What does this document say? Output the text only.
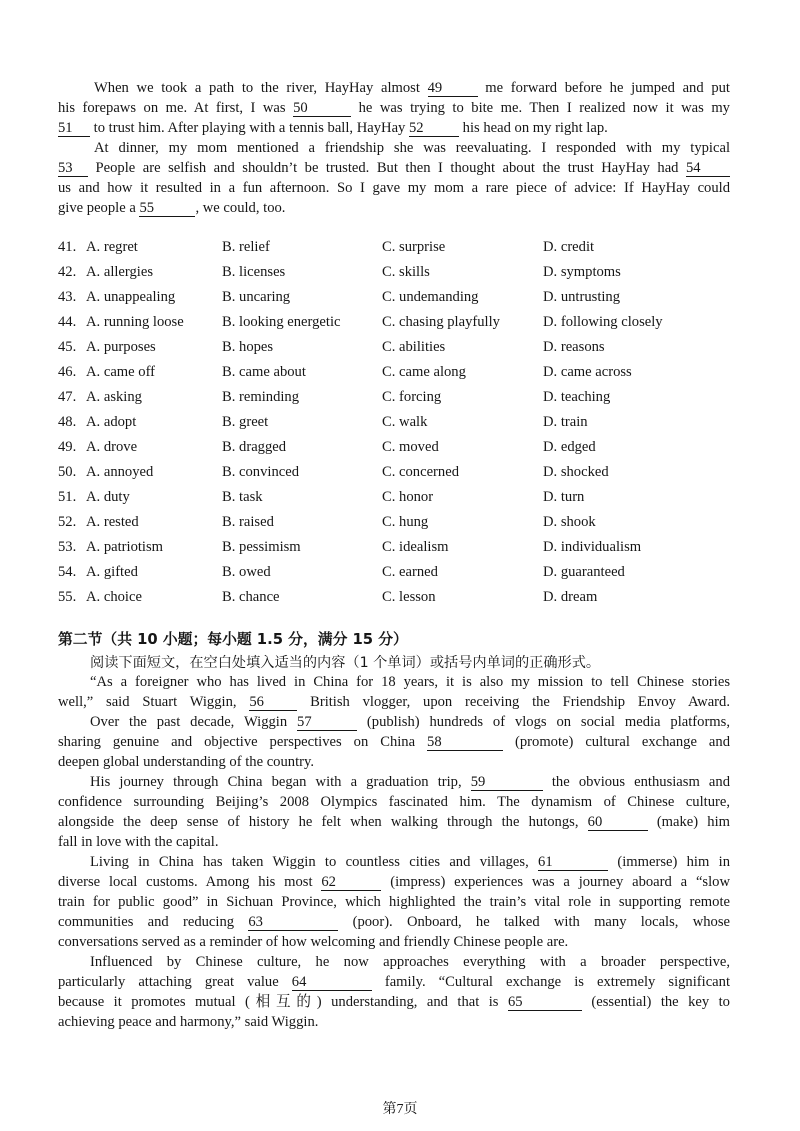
When we took a path to the river, HayHay almost 49	me forward before he jumped and put
his forepaws on me. At first, I was 50	he was trying to bite me. Then I realized now it was my
51 to trust him. After playing with a tennis ball, HayHay 52	his head on my right lap.
At dinner, my mom mentioned a friendship she was reevaluating. I responded with my typical
53 People are selfish and shouldn’t be trusted. But then I thought about the trust HayHay had 54
us and how it resulted in a fun afternoon. So I gave my mom a rare piece of advice: If HayHay could
give people a 55	, we could, too.
41. A. regret	B. relief	C. surprise	D. credit
42. A. allergies	B. licenses	C. skills	D. symptoms
43. A. unappealing	B. uncaring	C. undemanding	D. untrusting
44. A. running loose	B. looking energetic	C. chasing playfully	D. following closely
45. A. purposes	B. hopes	C. abilities	D. reasons
46. A. came off	B. came about	C. came along	D. came across
47. A. asking	B. reminding	C. forcing	D. teaching
48. A. adopt	B. greet	C. walk	D. train
49. A. drove	B. dragged	C. moved	D. edged
50. A. annoyed	B. convinced	C. concerned	D. shocked
51. A. duty	B. task	C. honor	D. turn
52. A. rested	B. raised	C. hung	D. shook
53. A. patriotism	B. pessimism	C. idealism	D. individualism
54. A. gifted	B. owed	C. earned	D. guaranteed
55. A. choice	B. chance	C. lesson	D. dream
第二节（共 10 小题；每小题 1.5 分，满分 15 分）
阅读下面短文，在空白处填入适当的内容（1 个单词）或括号内单词的正确形式。
“As a foreigner who has lived in China for 18 years, it is also my mission to tell Chinese stories
well,” said Stuart Wiggin, 56	British vlogger, upon receiving the Friendship Envoy Award.
Over the past decade, Wiggin 57	(publish) hundreds of vlogs on social media platforms,
sharing genuine and objective perspectives on China 58	(promote) cultural exchange and
deepen global understanding of the country.
His journey through China began with a graduation trip, 59	the obvious enthusiasm and
confidence surrounding Beijing’s 2008 Olympics fascinated him. The dynamism of Chinese culture,
alongside the deep sense of history he felt when walking through the hutongs, 60	(make) him
fall in love with the capital.
Living in China has taken Wiggin to countless cities and villages, 61	(immerse) him in
diverse local customs. Among his most 62	(impress) experiences was a journey aboard a “slow
train for public good” in Sichuan Province, which highlighted the train’s vital role in supporting remote
communities and reducing 63	(poor). Onboard, he talked with many locals, whose
conversations served as a reminder of how welcoming and friendly Chinese people are.
Influenced by Chinese culture, he now approaches everything with a broader perspective,
particularly attaching great value 64	family. “Cultural exchange is extremely significant
because it promotes mutual (相互的) understanding, and that is 65	(essential) the key to
achieving peace and harmony,” said Wiggin.
第7页
